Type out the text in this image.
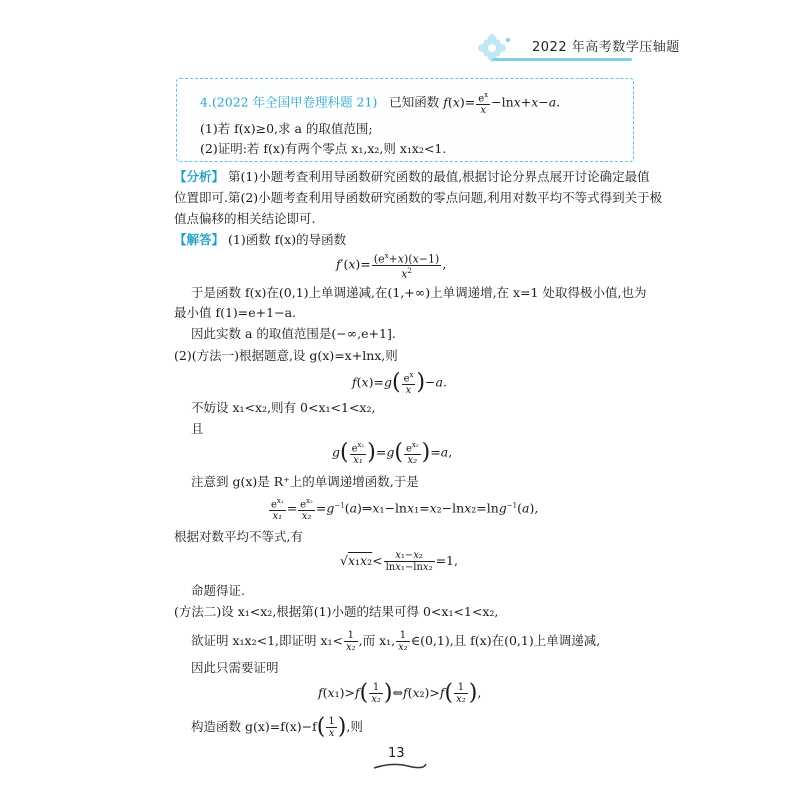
2022 年高考数学压轴题
4.(2022 年全国甲卷理科题 21) 已知函数 $f(x)= \frac{e^x}{x} -\ln x+x-a$.
(1)若 f(x)≥0,求 a 的取值范围;
(2)证明:若 f(x)有两个零点 x₁,x₂,则 x₁x₂<1.
【分析】 第(1)小题考查利用导函数研究函数的最值,根据讨论分界点展开讨论确定最值
位置即可.第(2)小题考查利用导函数研究函数的零点问题,利用对数平均不等式得到关于极
值点偏移的相关结论即可.
【解答】 (1)函数 f(x)的导函数
$f'(x)= \frac{(e^x+x)(x-1)}{x^2}$ ,
于是函数 f(x)在(0,1)上单调递减,在(1,+∞)上单调递增,在 x=1 处取得极小值,也为
最小值 f(1)=e+1−a.
因此实数 a 的取值范围是(−∞,e+1].
(2)(方法一)根据题意,设 g(x)=x+lnx,则
$f(x)=g( \frac{e^x}{x} )-a$.
不妨设 x₁<x₂,则有 0<x₁<1<x₂,
且
$g( \frac{e^{x_1}}{\text{x₁}} )=g( \frac{e^{x_2}}{\text{x₂}} )=a$,
注意到 g(x)是 R⁺上的单调递增函数,于是
$\frac{e^{x_1}}{\text{x₁}} = \frac{e^{x_2}}{\text{x₂}}$ $=g^{-1}(a)\Rightarrow x_1-\ln x_1=x_2-\ln x_2=\ln g^{-1}(a)$,
根据对数平均不等式,有
$√x_1x_2< \frac{\text{x₁−x₂}}{\text{lnx₁−lnx₂}} =1$,
命题得证.
(方法二)设 x₁<x₂,根据第(1)小题的结果可得 0<x₁<1<x₂,
欲证明 x₁x₂<1,即证明 $x_1< \frac{1}{\text{x₂}}$ ,而 x₁, $\frac{1}{\text{x₂}}$ ∈(0,1),且 f(x)在(0,1)上单调递减,
因此只需要证明
$f(x_1)>f( \frac{1}{\text{x₂}}$ )⇔f(x₂)>f( $\frac{1}{\text{x₂}}$ ),
构造函数 $g(x)=f(x)-f( \frac{1}{x}$ ),则
13
